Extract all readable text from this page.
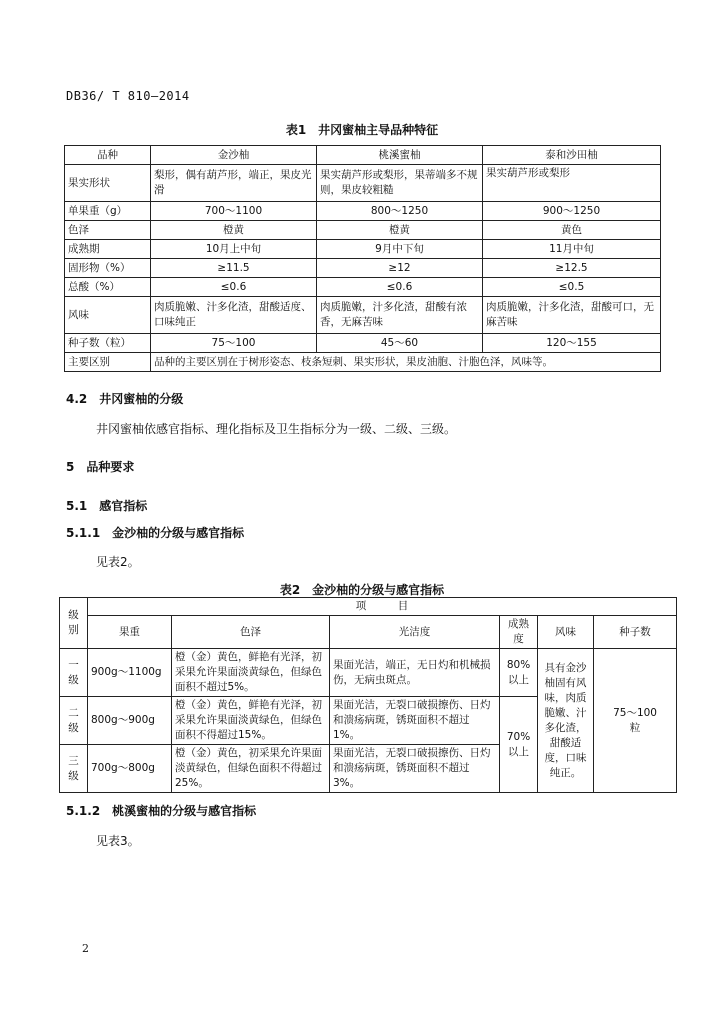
DB36/ T 810—2014
表1　井冈蜜柚主导品种特征
品种	金沙柚	桃溪蜜柚	泰和沙田柚
果实形状	梨形，偶有葫芦形，端正，果皮光滑	果实葫芦形或梨形，果蒂端多不规则，果皮较粗糙	果实葫芦形或梨形
单果重（g）	700～1100	800～1250	900～1250
色泽	橙黄	橙黄	黄色
成熟期	10月上中旬	9月中下旬	11月中旬
固形物（%）	≥11.5	≥12	≥12.5
总酸（%）	≤0.6	≤0.6	≤0.5
风味	肉质脆嫩、汁多化渣，甜酸适度、口味纯正	肉质脆嫩，汁多化渣，甜酸有浓香，无麻苦味	肉质脆嫩，汁多化渣，甜酸可口，无麻苦味
种子数（粒）	75～100	45～60	120～155
主要区别	品种的主要区别在于树形姿态、枝条短刺、果实形状，果皮油胞、汁胞色泽，风味等。		
4.2　井冈蜜柚的分级
井冈蜜柚依感官指标、理化指标及卫生指标分为一级、二级、三级。
5　品种要求
5.1　感官指标
5.1.1　金沙柚的分级与感官指标
见表2。
表2　金沙柚的分级与感官指标
级别	项　　　目					
	果重	色泽	光洁度	成熟度	风味	种子数
一级	900g～1100g	橙（金）黄色，鲜艳有光泽，初采果允许果面淡黄绿色，但绿色面积不超过5%。	果面光洁，端正，无日灼和机械损伤，无病虫斑点。	80%以上	具有金沙柚固有风味，肉质脆嫩、汁多化渣，甜酸适度，口味纯正。	75～100粒
二级	800g～900g	橙（金）黄色，鲜艳有光泽，初采果允许果面淡黄绿色，但绿色面积不得超过15%。	果面光洁，无裂口破损擦伤、日灼和溃疡病斑，锈斑面积不超过1%。	70%以上		
三级	700g～800g	橙（金）黄色，初采果允许果面淡黄绿色，但绿色面积不得超过25%。	果面光洁，无裂口破损擦伤、日灼和溃疡病斑，锈斑面积不超过3%。			
5.1.2　桃溪蜜柚的分级与感官指标
见表3。
2
